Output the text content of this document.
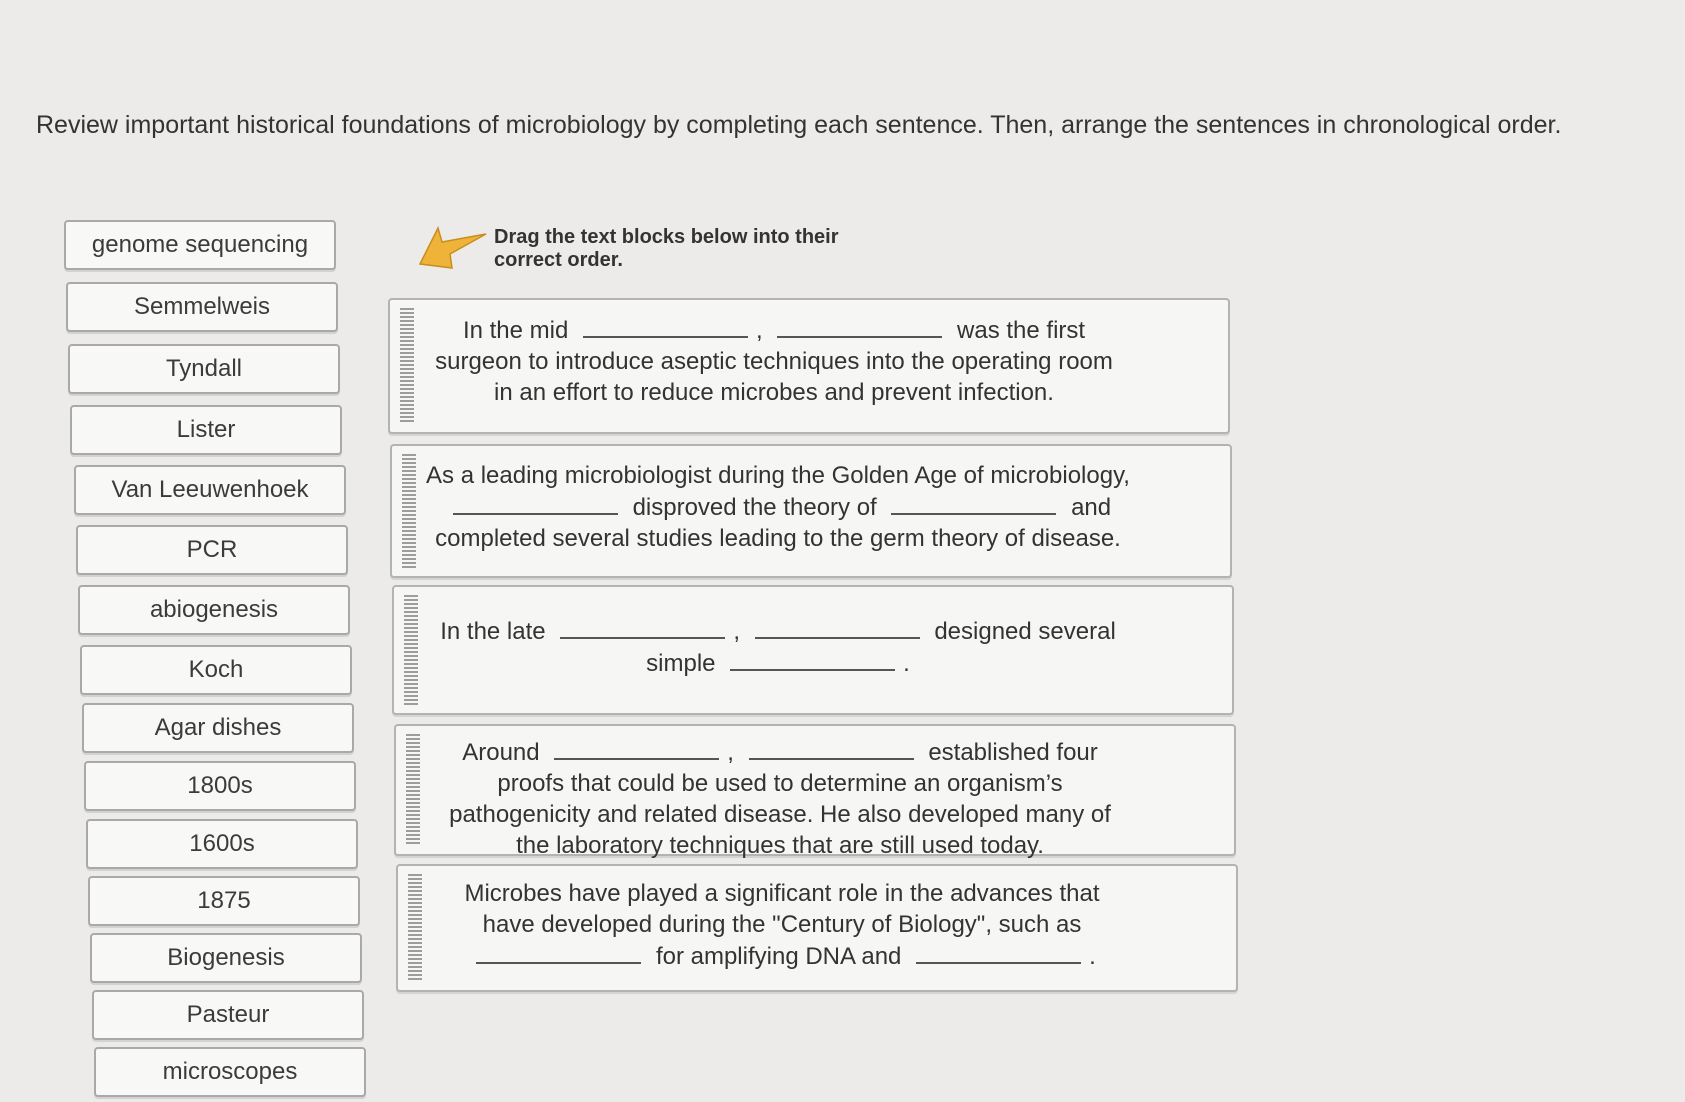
Review important historical foundations of microbiology by completing each sentence. Then, arrange the sentences in chronological order.
genome sequencing
Semmelweis
Tyndall
Lister
Van Leeuwenhoek
PCR
abiogenesis
Koch
Agar dishes
1800s
1600s
1875
Biogenesis
Pasteur
microscopes
Drag the text blocks below into their correct order.
In the mid	,	was the first surgeon to introduce aseptic techniques into the operating room in an effort to reduce microbes and prevent infection.
As a leading microbiologist during the Golden Age of microbiology,  disproved the theory of	and completed several studies leading to the germ theory of disease.
In the late	,	designed several simple	.
Around	,	established four proofs that could be used to determine an organism’s pathogenicity and related disease. He also developed many of the laboratory techniques that are still used today.
Microbes have played a significant role in the advances that have developed during the "Century of Biology", such as  for amplifying DNA and	.
